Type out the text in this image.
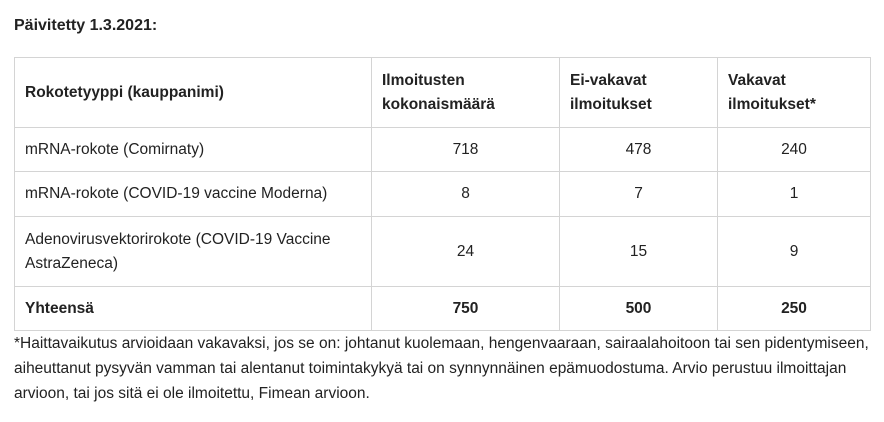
Päivitetty 1.3.2021:
Rokotetyyppi (kauppanimi)	Ilmoitusten kokonaismäärä	Ei-vakavat ilmoitukset	Vakavat ilmoitukset*
mRNA-rokote (Comirnaty)	718	478	240
mRNA-rokote (COVID-19 vaccine Moderna)	8	7	1
Adenovirusvektorirokote (COVID-19 Vaccine AstraZeneca)	24	15	9
Yhteensä	750	500	250
*Haittavaikutus arvioidaan vakavaksi, jos se on: johtanut kuolemaan, hengenvaaraan, sairaalahoitoon tai sen pidentymiseen, aiheuttanut pysyvän vamman tai alentanut toimintakykyä tai on synnynnäinen epämuodostuma. Arvio perustuu ilmoittajan arvioon, tai jos sitä ei ole ilmoitettu, Fimean arvioon.
